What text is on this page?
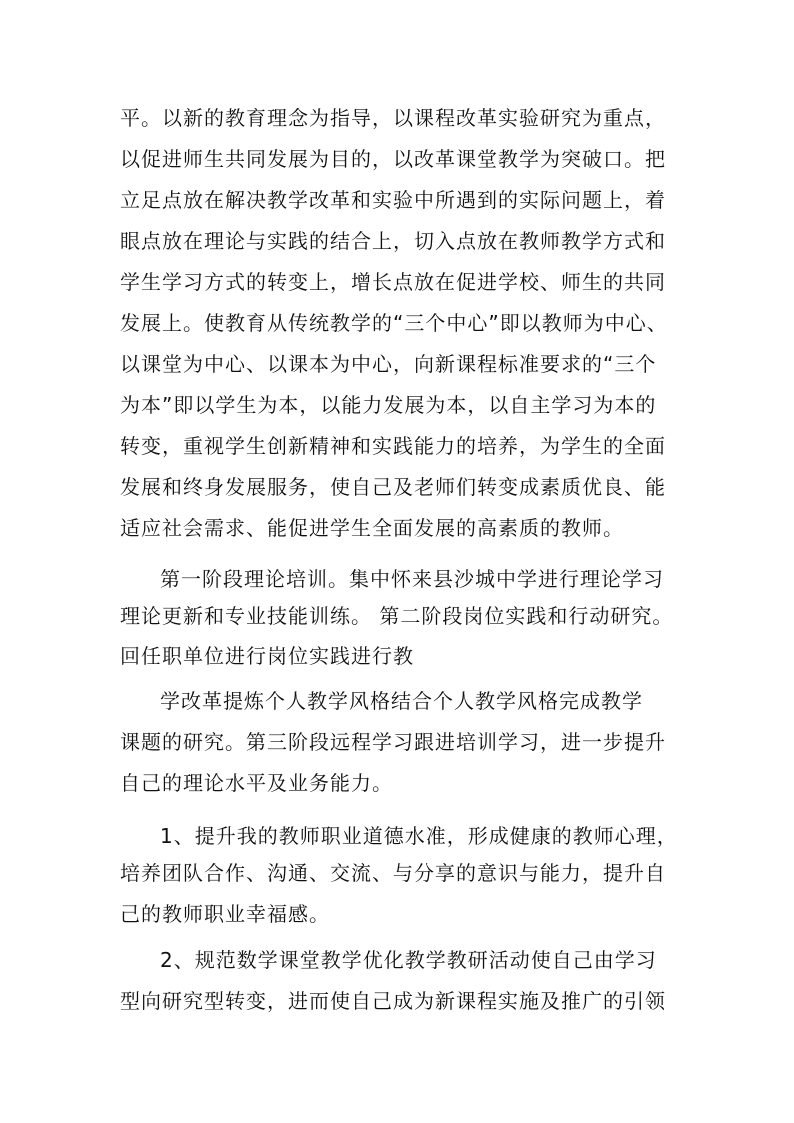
平。以新的教育理念为指导，以课程改革实验研究为重点，
以促进师生共同发展为目的，以改革课堂教学为突破口。把
立足点放在解决教学改革和实验中所遇到的实际问题上，着
眼点放在理论与实践的结合上，切入点放在教师教学方式和
学生学习方式的转变上，增长点放在促进学校、师生的共同
发展上。使教育从传统教学的“三个中心”即以教师为中心、
以课堂为中心、以课本为中心，向新课程标准要求的“三个
为本”即以学生为本，以能力发展为本，以自主学习为本的
转变，重视学生创新精神和实践能力的培养，为学生的全面
发展和终身发展服务，使自己及老师们转变成素质优良、能
适应社会需求、能促进学生全面发展的高素质的教师。
第一阶段理论培训。集中怀来县沙城中学进行理论学习
理论更新和专业技能训练。 第二阶段岗位实践和行动研究。
回任职单位进行岗位实践进行教
学改革提炼个人教学风格结合个人教学风格完成教学
课题的研究。第三阶段远程学习跟进培训学习，进一步提升
自己的理论水平及业务能力。
1、提升我的教师职业道德水准，形成健康的教师心理，
培养团队合作、沟通、交流、与分享的意识与能力，提升自
己的教师职业幸福感。
2、规范数学课堂教学优化教学教研活动使自己由学习
型向研究型转变，进而使自己成为新课程实施及推广的引领
